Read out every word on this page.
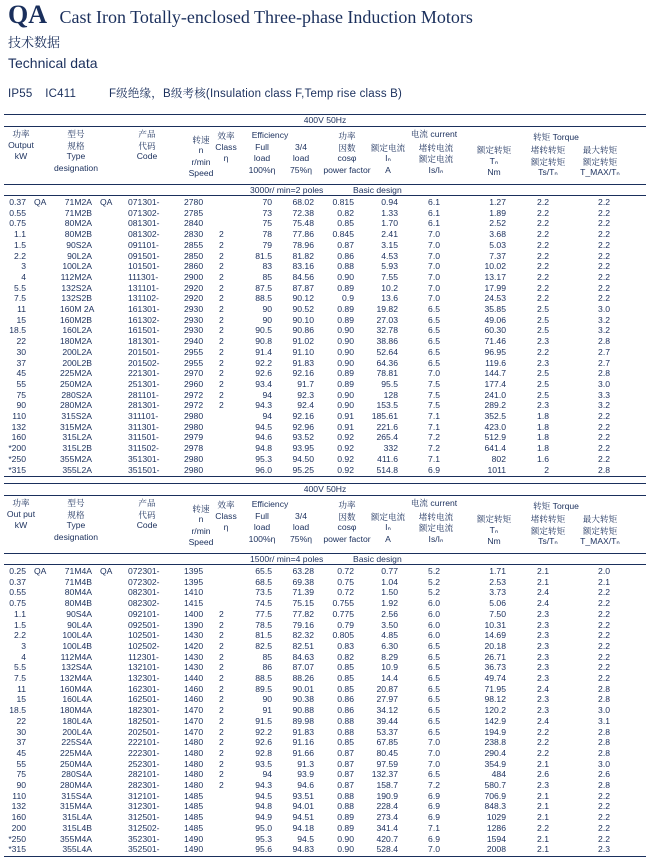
QA Cast Iron Totally-enclosed Three-phase Induction Motors
技术数据
Technical data
IP55 IC411	F级绝缘，B级考核(Insulation class F,Temp rise class B)
400V 50Hz
功率
Output
kW
型号
规格
Type
designation
产品
代码
Code
转速
n
r/min
Speed
效率
Class
η
Efficiency
Full
load
100%η
3/4
load
75%η
功率
因数
cosφ
power factor
电流 current
额定电流
Iₙ
A
堵转电流
额定电流
Is/Iₙ
转矩 Torque
额定转矩
Tₙ
Nm
堵转转矩
额定转矩
Ts/Tₙ
最大转矩
额定转矩
T_MAX/Tₙ
3000r/ min=2 poles	Basic design
0.37 QA	71M2A QA 071301-	2780	70	68.02	0.815	0.94	6.1	1.27	2.2	2.2
0.55	71M2B	071302-	2785	73	72.38	0.82	1.33	6.1	1.89	2.2	2.2
0.75	80M2A	081301-	2840	75	75.48	0.85	1.70	6.1	2.52	2.2	2.2
1.1	80M2B	081302-	2830 2	78	77.86	0.845	2.41	7.0	3.68	2.2	2.2
1.5	90S2A	091101-	2855 2	79	78.96	0.87	3.15	7.0	5.03	2.2	2.2
2.2	90L2A	091501-	2850 2	81.5	81.82	0.86	4.53	7.0	7.37	2.2	2.2
3	100L2A	101501-	2860 2	83	83.16	0.88	5.93	7.0	10.02	2.2	2.2
4	112M2A	111301-	2900 2	85	84.56	0.90	7.55	7.0	13.17	2.2	2.2
5.5	132S2A	131101-	2920 2	87.5	87.87	0.89	10.2	7.0	17.99	2.2	2.2
7.5	132S2B	131102-	2920 2	88.5	90.12	0.9	13.6	7.0	24.53	2.2	2.2
11	160M 2A	161301-	2930 2	90	90.52	0.89	19.82	6.5	35.85	2.5	3.0
15	160M2B	161302-	2930 2	90	90.10	0.89	27.03	6.5	49.06	2.5	3.2
18.5	160L2A	161501-	2930 2	90.5	90.86	0.90	32.78	6.5	60.30	2.5	3.2
22	180M2A	181301-	2940 2	90.8	91.02	0.90	38.86	6.5	71.46	2.3	2.8
30	200L2A	201501-	2955 2	91.4	91.10	0.90	52.64	6.5	96.95	2.2	2.7
37	200L2B	201502-	2955 2	92.2	91.83	0.90	64.36	6.5	119.6	2.3	2.7
45	225M2A	221301-	2970 2	92.6	92.16	0.89	78.81	7.0	144.7	2.5	2.8
55	250M2A	251301-	2960 2	93.4	91.7	0.89	95.5	7.5	177.4	2.5	3.0
75	280S2A	281101-	2972 2	94	92.3	0.90	128	7.5	241.0	2.5	3.3
90	280M2A	281301-	2972 2	94.3	92.4	0.90	153.5	7.5	289.2	2.3	3.2
110	315S2A	311101-	2980	94	92.16	0.91	185.61	7.1	352.5	1.8	2.2
132	315M2A	311301-	2980	94.5	92.96	0.91	221.6	7.1	423.0	1.8	2.2
160	315L2A	311501-	2979	94.6	93.52	0.92	265.4	7.2	512.9	1.8	2.2
*200	315L2B	311502-	2978	94.8	93.95	0.92	332	7.2	641.4	1.8	2.2
*250	355M2A	351301-	2980	95.3	94.50	0.92	411.6	7.1	802	1.6	2.2
*315	355L2A	351501-	2980	96.0	95.25	0.92	514.8	6.9	1011	2	2.8
400V 50Hz
功率
Out put
kW
型号
规格
Type
designation
产品
代码
Code
转速
n
r/min
Speed
效率
Class
η
Efficiency
Full
load
100%η
3/4
load
75%η
功率
因数
cosφ
power factor
电流 current
额定电流
Iₙ
A
堵转电流
额定电流
Is/Iₙ
转矩 Torque
额定转矩
Tₙ
Nm
堵转转矩
额定转矩
Ts/Tₙ
最大转矩
额定转矩
T_MAX/Tₙ
1500r/ min=4 poles	Basic design
0.25 QA	71M4A QA 072301-	1395	65.5	63.28	0.72	0.77	5.2	1.71	2.1	2.0
0.37	71M4B	072302-	1395	68.5	69.38	0.75	1.04	5.2	2.53	2.1	2.1
0.55	80M4A	082301-	1410	73.5	71.39	0.72	1.50	5.2	3.73	2.4	2.2
0.75	80M4B	082302-	1415	74.5	75.15	0.755	1.92	6.0	5.06	2.4	2.2
1.1	90S4A	092101-	1400 2	77.5	77.82	0.775	2.56	6.0	7.50	2.3	2.2
1.5	90L4A	092501-	1390 2	78.5	79.16	0.79	3.50	6.0	10.31	2.3	2.2
2.2	100L4A	102501-	1430 2	81.5	82.32	0.805	4.85	6.0	14.69	2.3	2.2
3	100L4B	102502-	1420 2	82.5	82.51	0.83	6.30	6.5	20.18	2.3	2.2
4	112M4A	112301-	1430 2	85	84.63	0.82	8.29	6.5	26.71	2.3	2.2
5.5	132S4A	132101-	1430 2	86	87.07	0.85	10.9	6.5	36.73	2.3	2.2
7.5	132M4A	132301-	1440 2	88.5	88.26	0.85	14.4	6.5	49.74	2.3	2.2
11	160M4A	162301-	1460 2	89.5	90.01	0.85	20.87	6.5	71.95	2.4	2.8
15	160L4A	162501-	1460 2	90	90.38	0.86	27.97	6.5	98.12	2.3	2.8
18.5	180M4A	182301-	1470 2	91	90.88	0.86	34.12	6.5	120.2	2.3	3.0
22	180L4A	182501-	1470 2	91.5	89.98	0.88	39.44	6.5	142.9	2.4	3.1
30	200L4A	202501-	1470 2	92.2	91.83	0.88	53.37	6.5	194.9	2.2	2.8
37	225S4A	222101-	1480 2	92.6	91.16	0.85	67.85	7.0	238.8	2.2	2.8
45	225M4A	222301-	1480 2	92.8	91.66	0.87	80.45	7.0	290.4	2.2	2.8
55	250M4A	252301-	1480 2	93.5	91.3	0.87	97.59	7.0	354.9	2.1	3.0
75	280S4A	282101-	1480 2	94	93.9	0.87	132.37	6.5	484	2.6	2.6
90	280M4A	282301-	1480 2	94.3	94.6	0.87	158.7	7.2	580.7	2.3	2.8
110	315S4A	312101-	1485	94.5	93.51	0.88	190.9	6.9	706.9	2.1	2.2
132	315M4A	312301-	1485	94.8	94.01	0.88	228.4	6.9	848.3	2.1	2.2
160	315L4A	312501-	1485	94.9	94.51	0.89	273.4	6.9	1029	2.1	2.2
200	315L4B	312502-	1485	95.0	94.18	0.89	341.4	7.1	1286	2.2	2.2
*250	355M4A	352301-	1490	95.3	94.5	0.90	420.7	6.9	1594	2.1	2.2
*315	355L4A	352501-	1490	95.6	94.83	0.90	528.4	7.0	2008	2.1	2.3
